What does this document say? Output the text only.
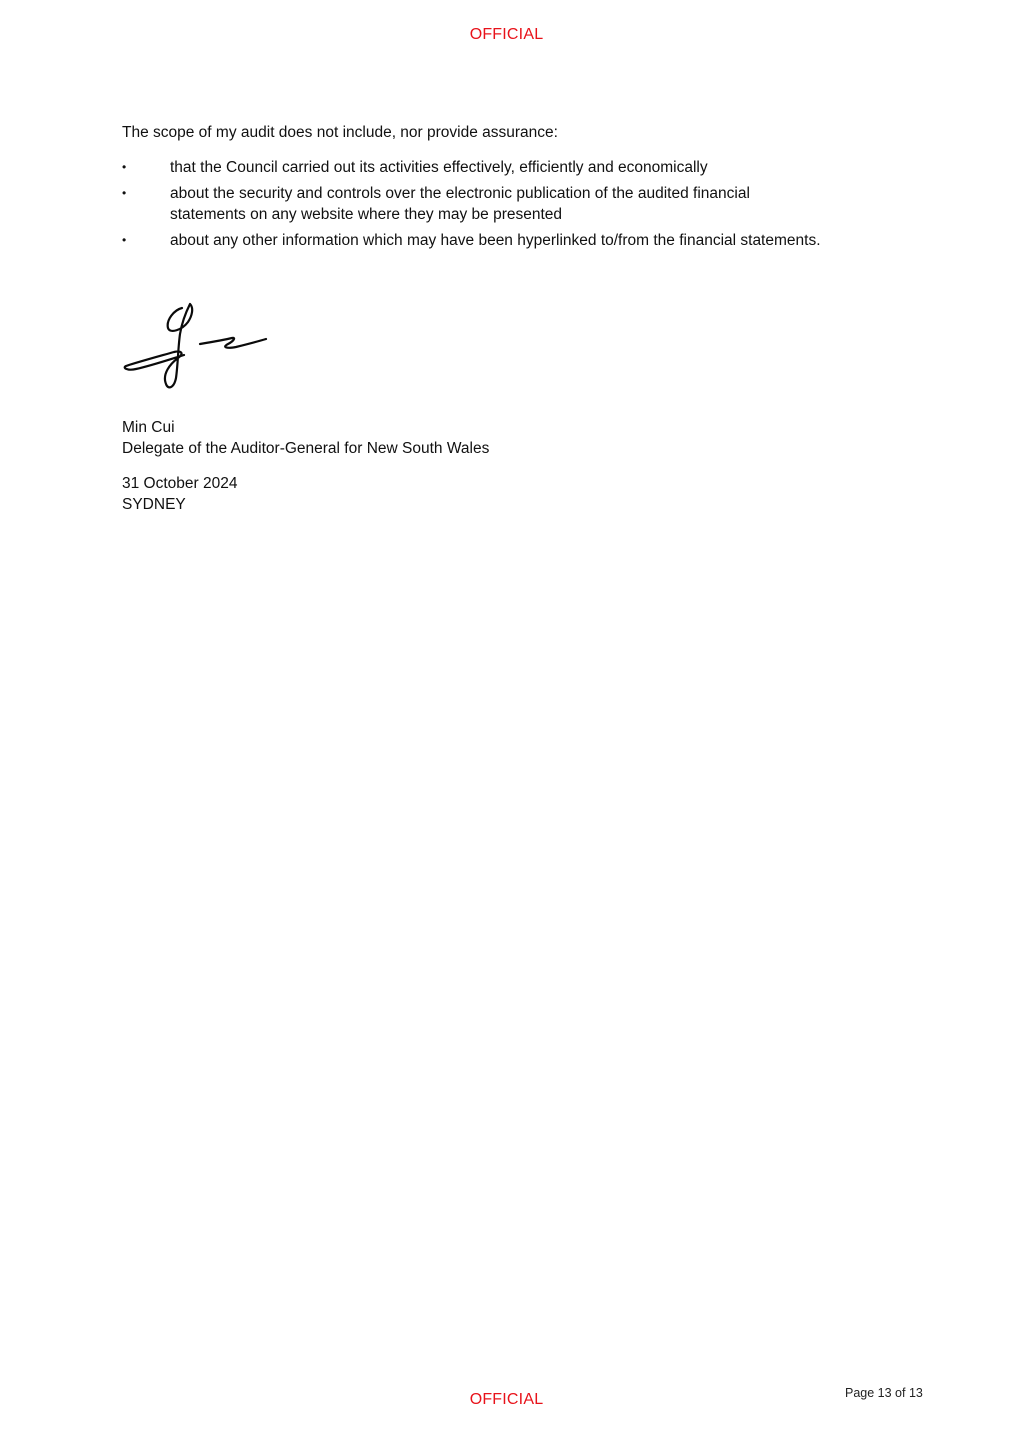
OFFICIAL

The scope of my audit does not include, nor provide assurance:

•	that the Council carried out its activities effectively, efficiently and economically
•	about the security and controls over the electronic publication of the audited financial statements on any website where they may be presented
•	about any other information which may have been hyperlinked to/from the financial statements.
Min Cui
Delegate of the Auditor-General for New South Wales
31 October 2024
SYDNEY
OFFICIAL	Page 13 of 13
